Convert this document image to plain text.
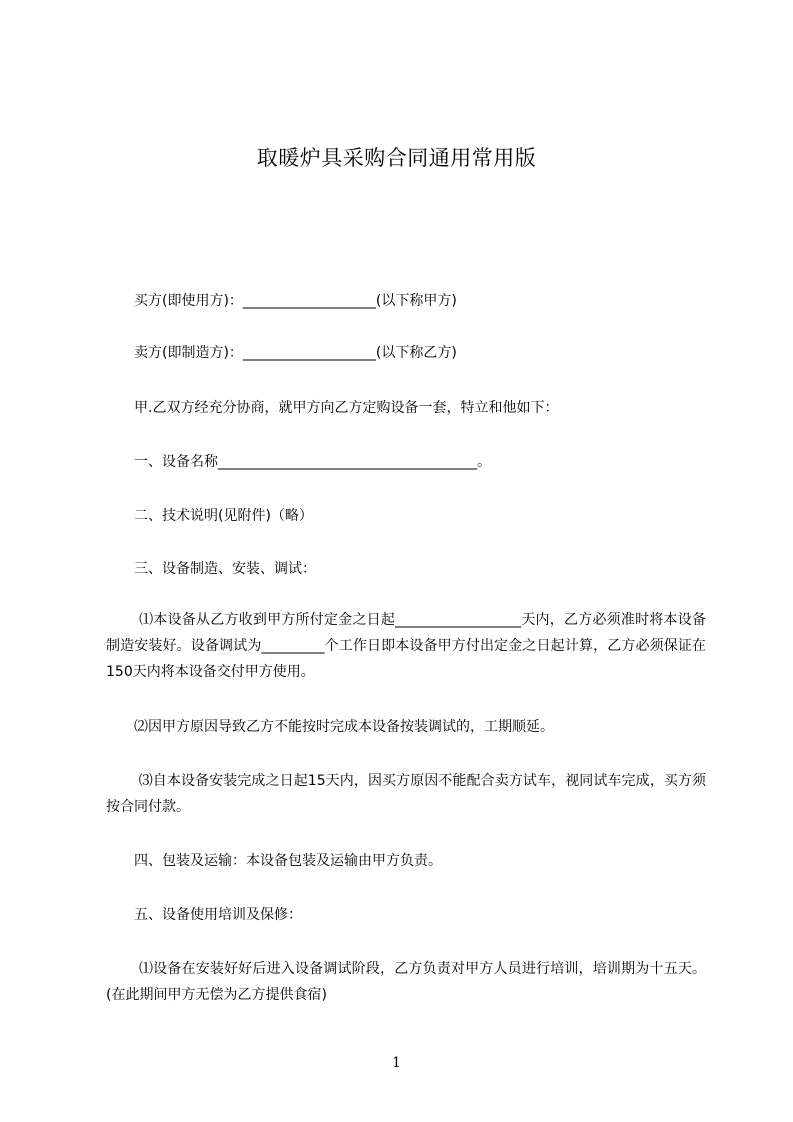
取暖炉具采购合同通用常用版
　　买方(即使用方)：___________________(以下称甲方)
　　卖方(即制造方)：___________________(以下称乙方)
　　甲.乙双方经充分协商，就甲方向乙方定购设备一套，特立和他如下：
　　一、设备名称_____________________________________。
　　二、技术说明(见附件)（略）
　　三、设备制造、安装、调试：
　　 ⑴本设备从乙方收到甲方所付定金之日起__________________天内，乙方必须准时将本设备制造安装好。设备调试为_________个工作日即本设备甲方付出定金之日起计算，乙方必须保证在150天内将本设备交付甲方使用。
　　⑵因甲方原因导致乙方不能按时完成本设备按装调试的，工期顺延。
　　 ⑶自本设备安装完成之日起15天内，因买方原因不能配合卖方试车，视同试车完成，买方须按合同付款。
　　四、包装及运输：本设备包装及运输由甲方负责。
　　五、设备使用培训及保修：
　　 ⑴设备在安装好好后进入设备调试阶段，乙方负责对甲方人员进行培训，培训期为十五天。(在此期间甲方无偿为乙方提供食宿)
1
